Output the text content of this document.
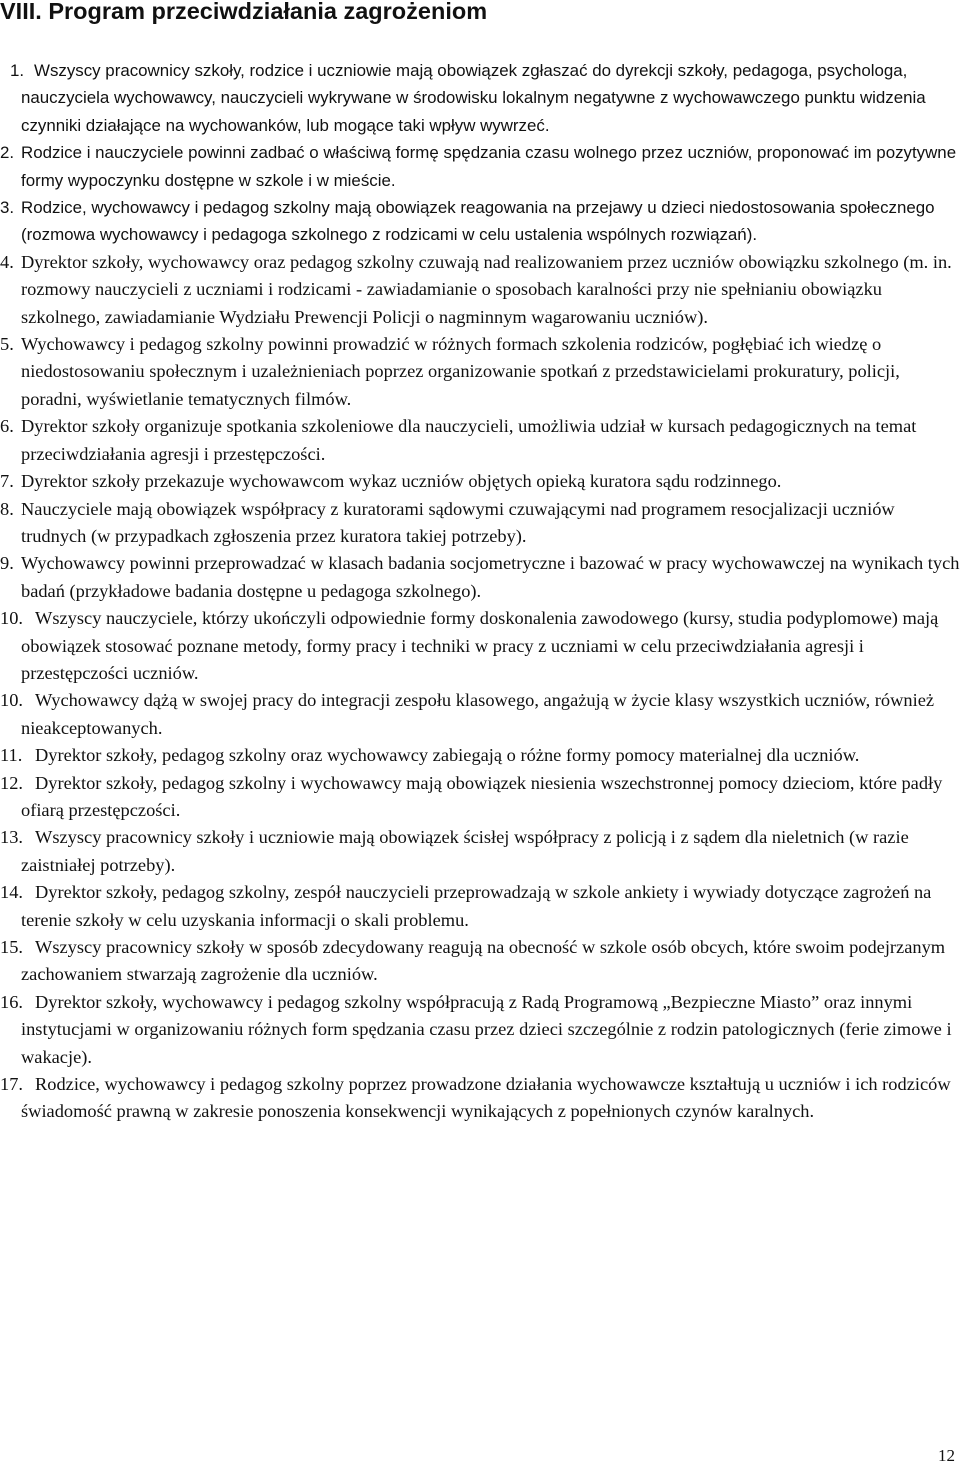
VIII. Program przeciwdziałania zagrożeniom
1. Wszyscy pracownicy szkoły, rodzice i uczniowie mają obowiązek zgłaszać do dyrekcji szkoły, pedagoga, psychologa, nauczyciela wychowawcy, nauczycieli wykrywane w środowisku lokalnym negatywne z wychowawczego punktu widzenia czynniki działające na wychowanków, lub mogące taki wpływ wywrzeć.
2. Rodzice i nauczyciele powinni zadbać o właściwą formę spędzania czasu wolnego przez uczniów, proponować im pozytywne formy wypoczynku dostępne w szkole i w mieście.
3. Rodzice, wychowawcy i pedagog szkolny mają obowiązek reagowania na przejawy u dzieci niedostosowania społecznego (rozmowa wychowawcy i pedagoga szkolnego z rodzicami w celu ustalenia wspólnych rozwiązań).
4. Dyrektor szkoły, wychowawcy oraz pedagog szkolny czuwają nad realizowaniem przez uczniów obowiązku szkolnego (m. in. rozmowy nauczycieli z uczniami i rodzicami - zawiadamianie o sposobach karalności przy nie spełnianiu obowiązku szkolnego, zawiadamianie Wydziału Prewencji Policji o nagminnym wagarowaniu uczniów).
5. Wychowawcy i pedagog szkolny powinni prowadzić w różnych formach szkolenia rodziców, pogłębiać ich wiedzę o niedostosowaniu społecznym i uzależnieniach poprzez organizowanie spotkań z przedstawicielami prokuratury, policji, poradni, wyświetlanie tematycznych filmów.
6. Dyrektor szkoły organizuje spotkania szkoleniowe dla nauczycieli, umożliwia udział w kursach pedagogicznych na temat przeciwdziałania agresji i przestępczości.
7. Dyrektor szkoły przekazuje wychowawcom wykaz uczniów objętych opieką kuratora sądu rodzinnego.
8. Nauczyciele mają obowiązek współpracy z kuratorami sądowymi czuwającymi nad programem resocjalizacji uczniów trudnych (w przypadkach zgłoszenia przez kuratora takiej potrzeby).
9. Wychowawcy powinni przeprowadzać w klasach badania socjometryczne i bazować w pracy wychowawczej na wynikach tych badań (przykładowe badania dostępne u pedagoga szkolnego).
10. Wszyscy nauczyciele, którzy ukończyli odpowiednie formy doskonalenia zawodowego (kursy, studia podyplomowe) mają obowiązek stosować poznane metody, formy pracy i techniki w pracy z uczniami w celu przeciwdziałania agresji i przestępczości uczniów.
10. Wychowawcy dążą w swojej pracy do integracji zespołu klasowego, angażują w życie klasy wszystkich uczniów, również nieakceptowanych.
11. Dyrektor szkoły, pedagog szkolny oraz wychowawcy zabiegają o różne formy pomocy materialnej dla uczniów.
12. Dyrektor szkoły, pedagog szkolny i wychowawcy mają obowiązek niesienia wszechstronnej pomocy dzieciom, które padły ofiarą przestępczości.
13. Wszyscy pracownicy szkoły i uczniowie mają obowiązek ścisłej współpracy z policją i z sądem dla nieletnich (w razie zaistniałej potrzeby).
14. Dyrektor szkoły, pedagog szkolny, zespół nauczycieli przeprowadzają w szkole ankiety i wywiady dotyczące zagrożeń na terenie szkoły w celu uzyskania informacji o skali problemu.
15. Wszyscy pracownicy szkoły w sposób zdecydowany reagują na obecność w szkole osób obcych, które swoim podejrzanym zachowaniem stwarzają zagrożenie dla uczniów.
16. Dyrektor szkoły, wychowawcy i pedagog szkolny współpracują z Radą Programową „Bezpieczne Miasto” oraz innymi instytucjami w organizowaniu różnych form spędzania czasu przez dzieci szczególnie z rodzin patologicznych (ferie zimowe i wakacje).
17. Rodzice, wychowawcy i pedagog szkolny poprzez prowadzone działania wychowawcze kształtują u uczniów i ich rodziców świadomość prawną w zakresie ponoszenia konsekwencji wynikających z popełnionych czynów karalnych.
12
